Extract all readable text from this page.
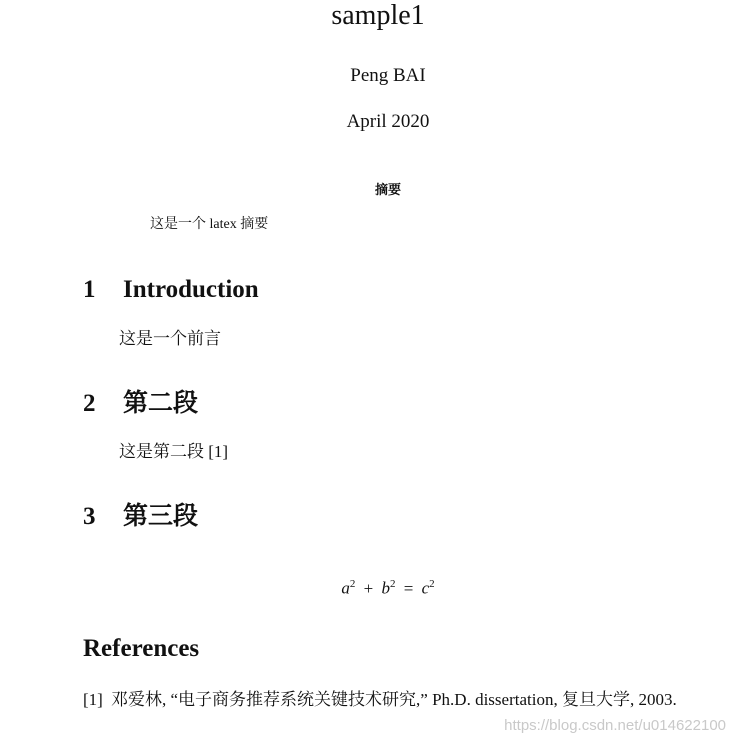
sample1
Peng BAI
April 2020
摘要
这是一个 latex 摘要
1 Introduction
这是一个前言
2 第二段
这是第二段 [1]
3 第三段
$a^2 + b^2 = c^2$
References
[1] 邓爱林, “电子商务推荐系统关键技术研究,” Ph.D. dissertation, 复旦大学, 2003.
https://blog.csdn.net/u014622100
